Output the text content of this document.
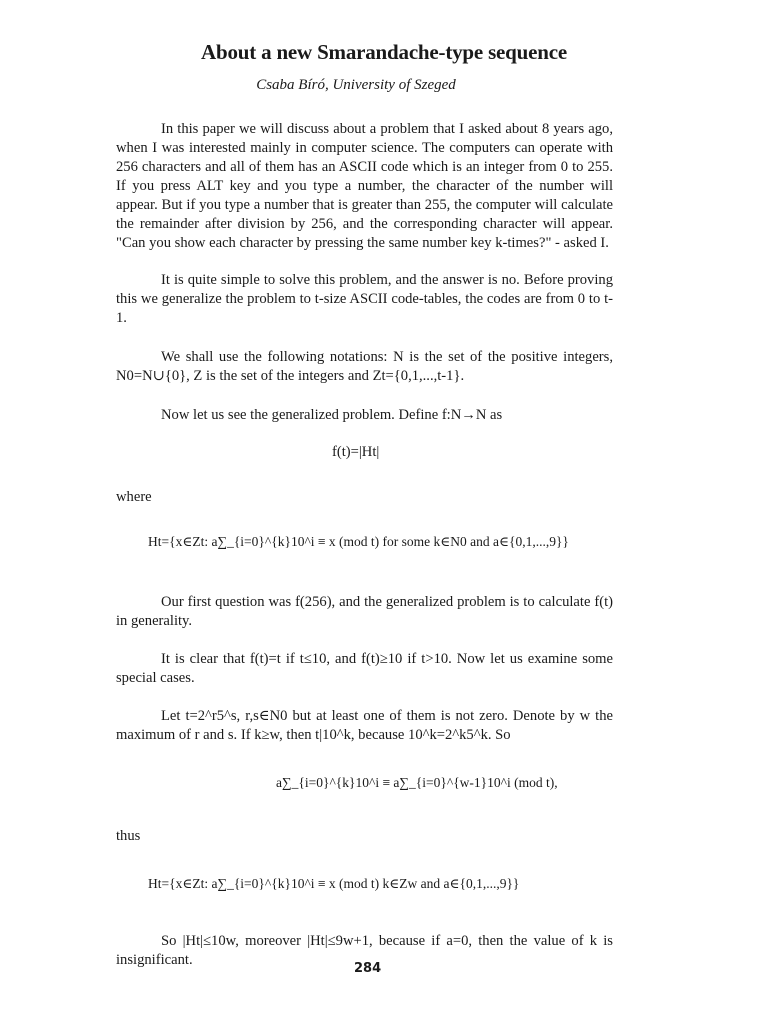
About a new Smarandache-type sequence
Csaba Bíró, University of Szeged

In this paper we will discuss about a problem that I asked about 8 years ago, when I was interested mainly in computer science. The computers can operate with 256 characters and all of them has an ASCII code which is an integer from 0 to 255. If you press ALT key and you type a number, the character of the number will appear. But if you type a number that is greater than 255, the computer will calculate the remainder after division by 256, and the corresponding character will appear. "Can you show each character by pressing the same number key k-times?" - asked I.

It is quite simple to solve this problem, and the answer is no. Before proving this we generalize the problem to t-size ASCII code-tables, the codes are from 0 to t-1.

We shall use the following notations: N is the set of the positive integers, N0=N∪{0}, Z is the set of the integers and Zt={0,1,...,t-1}.

Now let us see the generalized problem. Define f:N→N as

f(t)=|Ht|

where

Ht={x∈Zt: a∑_{i=0}^{k}10^i ≡ x (mod t) for some k∈N0 and a∈{0,1,...,9}}

Our first question was f(256), and the generalized problem is to calculate f(t) in generality.

It is clear that f(t)=t if t≤10, and f(t)≥10 if t>10. Now let us examine some special cases.

Let t=2^r5^s, r,s∈N0 but at least one of them is not zero. Denote by w the maximum of r and s. If k≥w, then t|10^k, because 10^k=2^k5^k. So

a∑_{i=0}^{k}10^i ≡ a∑_{i=0}^{w-1}10^i (mod t),

thus

Ht={x∈Zt: a∑_{i=0}^{k}10^i ≡ x (mod t) k∈Zw and a∈{0,1,...,9}}

So |Ht|≤10w, moreover |Ht|≤9w+1, because if a=0, then the value of k is insignificant.

284
